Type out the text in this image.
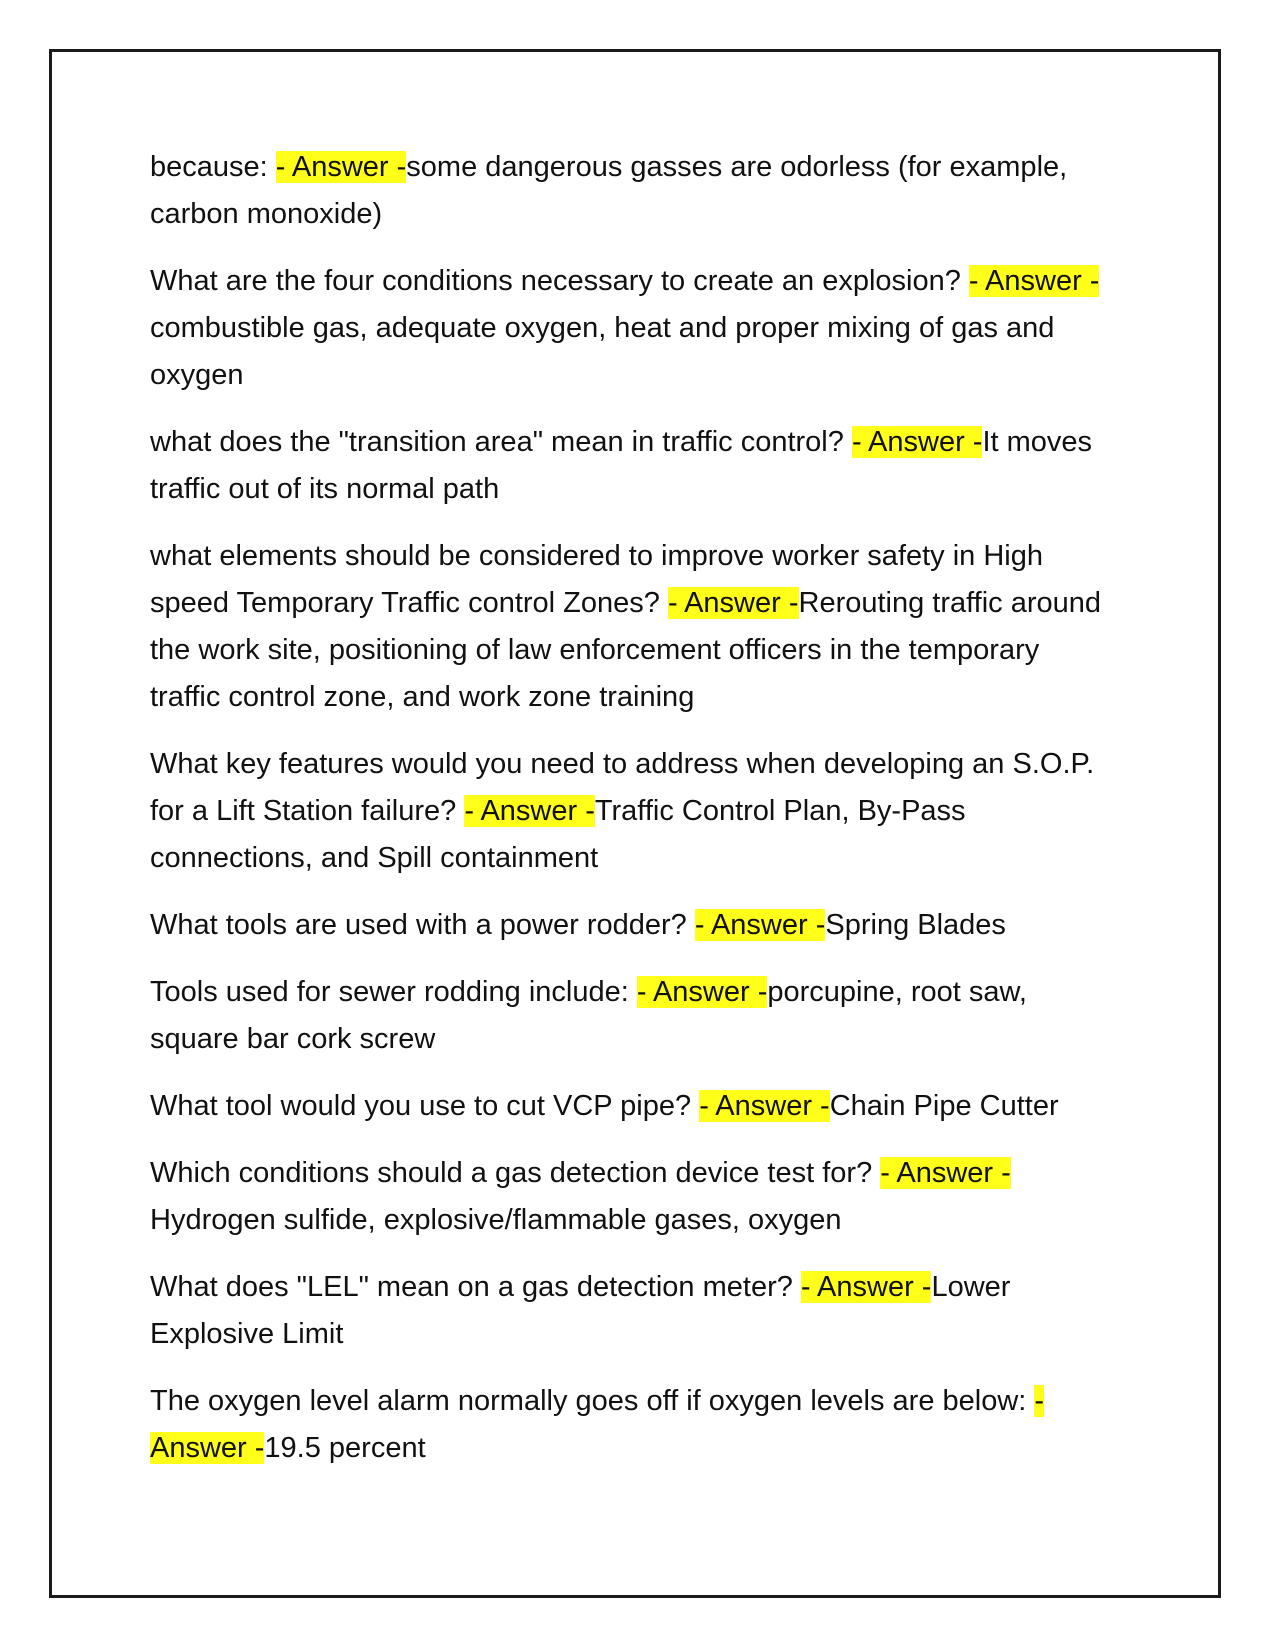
because: - Answer -some dangerous gasses are odorless (for example, carbon monoxide)

What are the four conditions necessary to create an explosion? - Answer -combustible gas, adequate oxygen, heat and proper mixing of gas and oxygen

what does the "transition area" mean in traffic control? - Answer -It moves traffic out of its normal path

what elements should be considered to improve worker safety in High speed Temporary Traffic control Zones? - Answer -Rerouting traffic around the work site, positioning of law enforcement officers in the temporary traffic control zone, and work zone training

What key features would you need to address when developing an S.O.P. for a Lift Station failure? - Answer -Traffic Control Plan, By-Pass connections, and Spill containment

What tools are used with a power rodder? - Answer -Spring Blades

Tools used for sewer rodding include: - Answer -porcupine, root saw, square bar cork screw

What tool would you use to cut VCP pipe? - Answer -Chain Pipe Cutter

Which conditions should a gas detection device test for? - Answer -Hydrogen sulfide, explosive/flammable gases, oxygen

What does "LEL" mean on a gas detection meter? - Answer -Lower Explosive Limit

The oxygen level alarm normally goes off if oxygen levels are below: - Answer -19.5 percent
